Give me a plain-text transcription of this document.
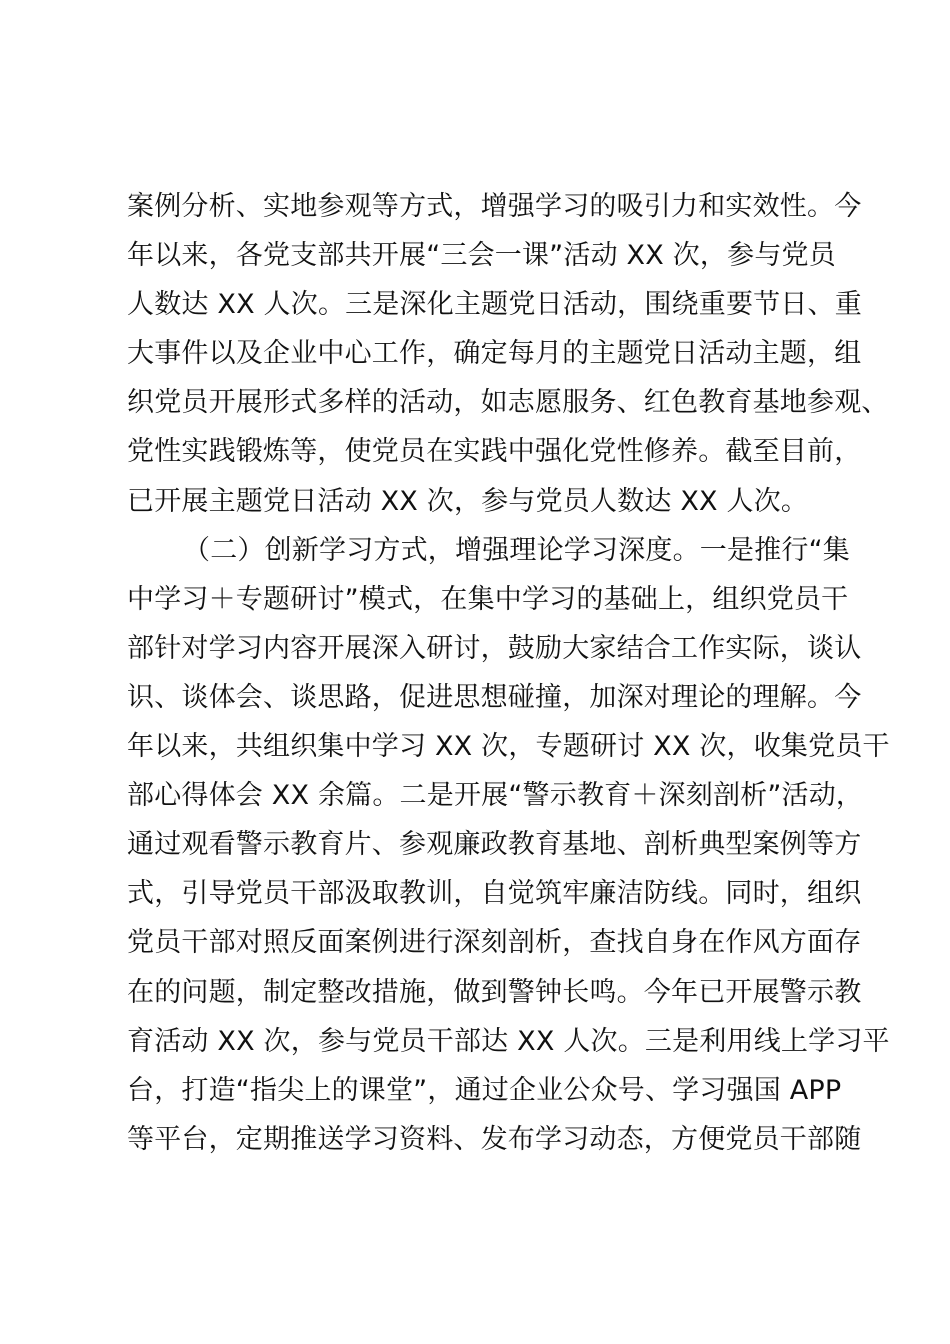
案例分析、实地参观等方式，增强学习的吸引力和实效性。今
年以来，各党支部共开展“三会一课”活动 XX 次，参与党员
人数达 XX 人次。三是深化主题党日活动，围绕重要节日、重
大事件以及企业中心工作，确定每月的主题党日活动主题，组
织党员开展形式多样的活动，如志愿服务、红色教育基地参观、
党性实践锻炼等，使党员在实践中强化党性修养。截至目前，
已开展主题党日活动 XX 次，参与党员人数达 XX 人次。
（二）创新学习方式，增强理论学习深度。一是推行“集
中学习＋专题研讨”模式，在集中学习的基础上，组织党员干
部针对学习内容开展深入研讨，鼓励大家结合工作实际，谈认
识、谈体会、谈思路，促进思想碰撞，加深对理论的理解。今
年以来，共组织集中学习 XX 次，专题研讨 XX 次，收集党员干
部心得体会 XX 余篇。二是开展“警示教育＋深刻剖析”活动，
通过观看警示教育片、参观廉政教育基地、剖析典型案例等方
式，引导党员干部汲取教训，自觉筑牢廉洁防线。同时，组织
党员干部对照反面案例进行深刻剖析，查找自身在作风方面存
在的问题，制定整改措施，做到警钟长鸣。今年已开展警示教
育活动 XX 次，参与党员干部达 XX 人次。三是利用线上学习平
台，打造“指尖上的课堂”，通过企业公众号、学习强国 APP
等平台，定期推送学习资料、发布学习动态，方便党员干部随
